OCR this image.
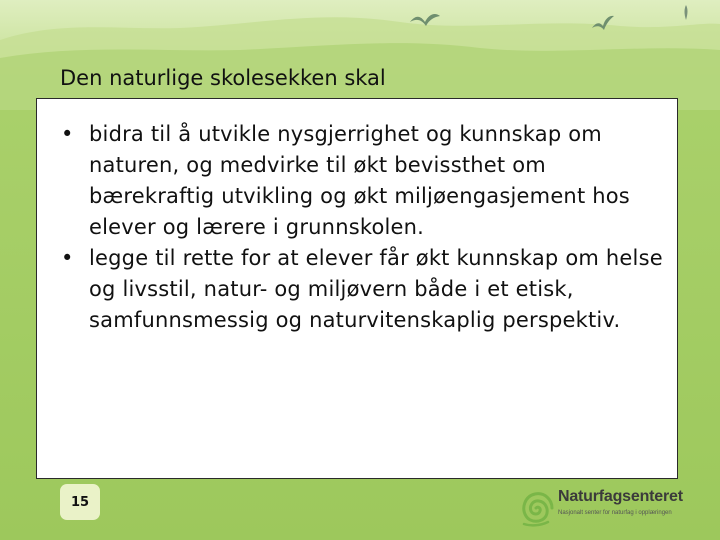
Den naturlige skolesekken skal
• bidra til å utvikle nysgjerrighet og kunnskap om naturen, og medvirke til økt bevissthet om bærekraftig utvikling og økt miljøengasjement hos elever og lærere i grunnskolen.
• legge til rette for at elever får økt kunnskap om helse og livsstil, natur- og miljøvern både i et etisk, samfunnsmessig og naturvitenskaplig perspektiv.
15	Naturfagsenteret
Nasjonalt senter for naturfag i opplæringen
